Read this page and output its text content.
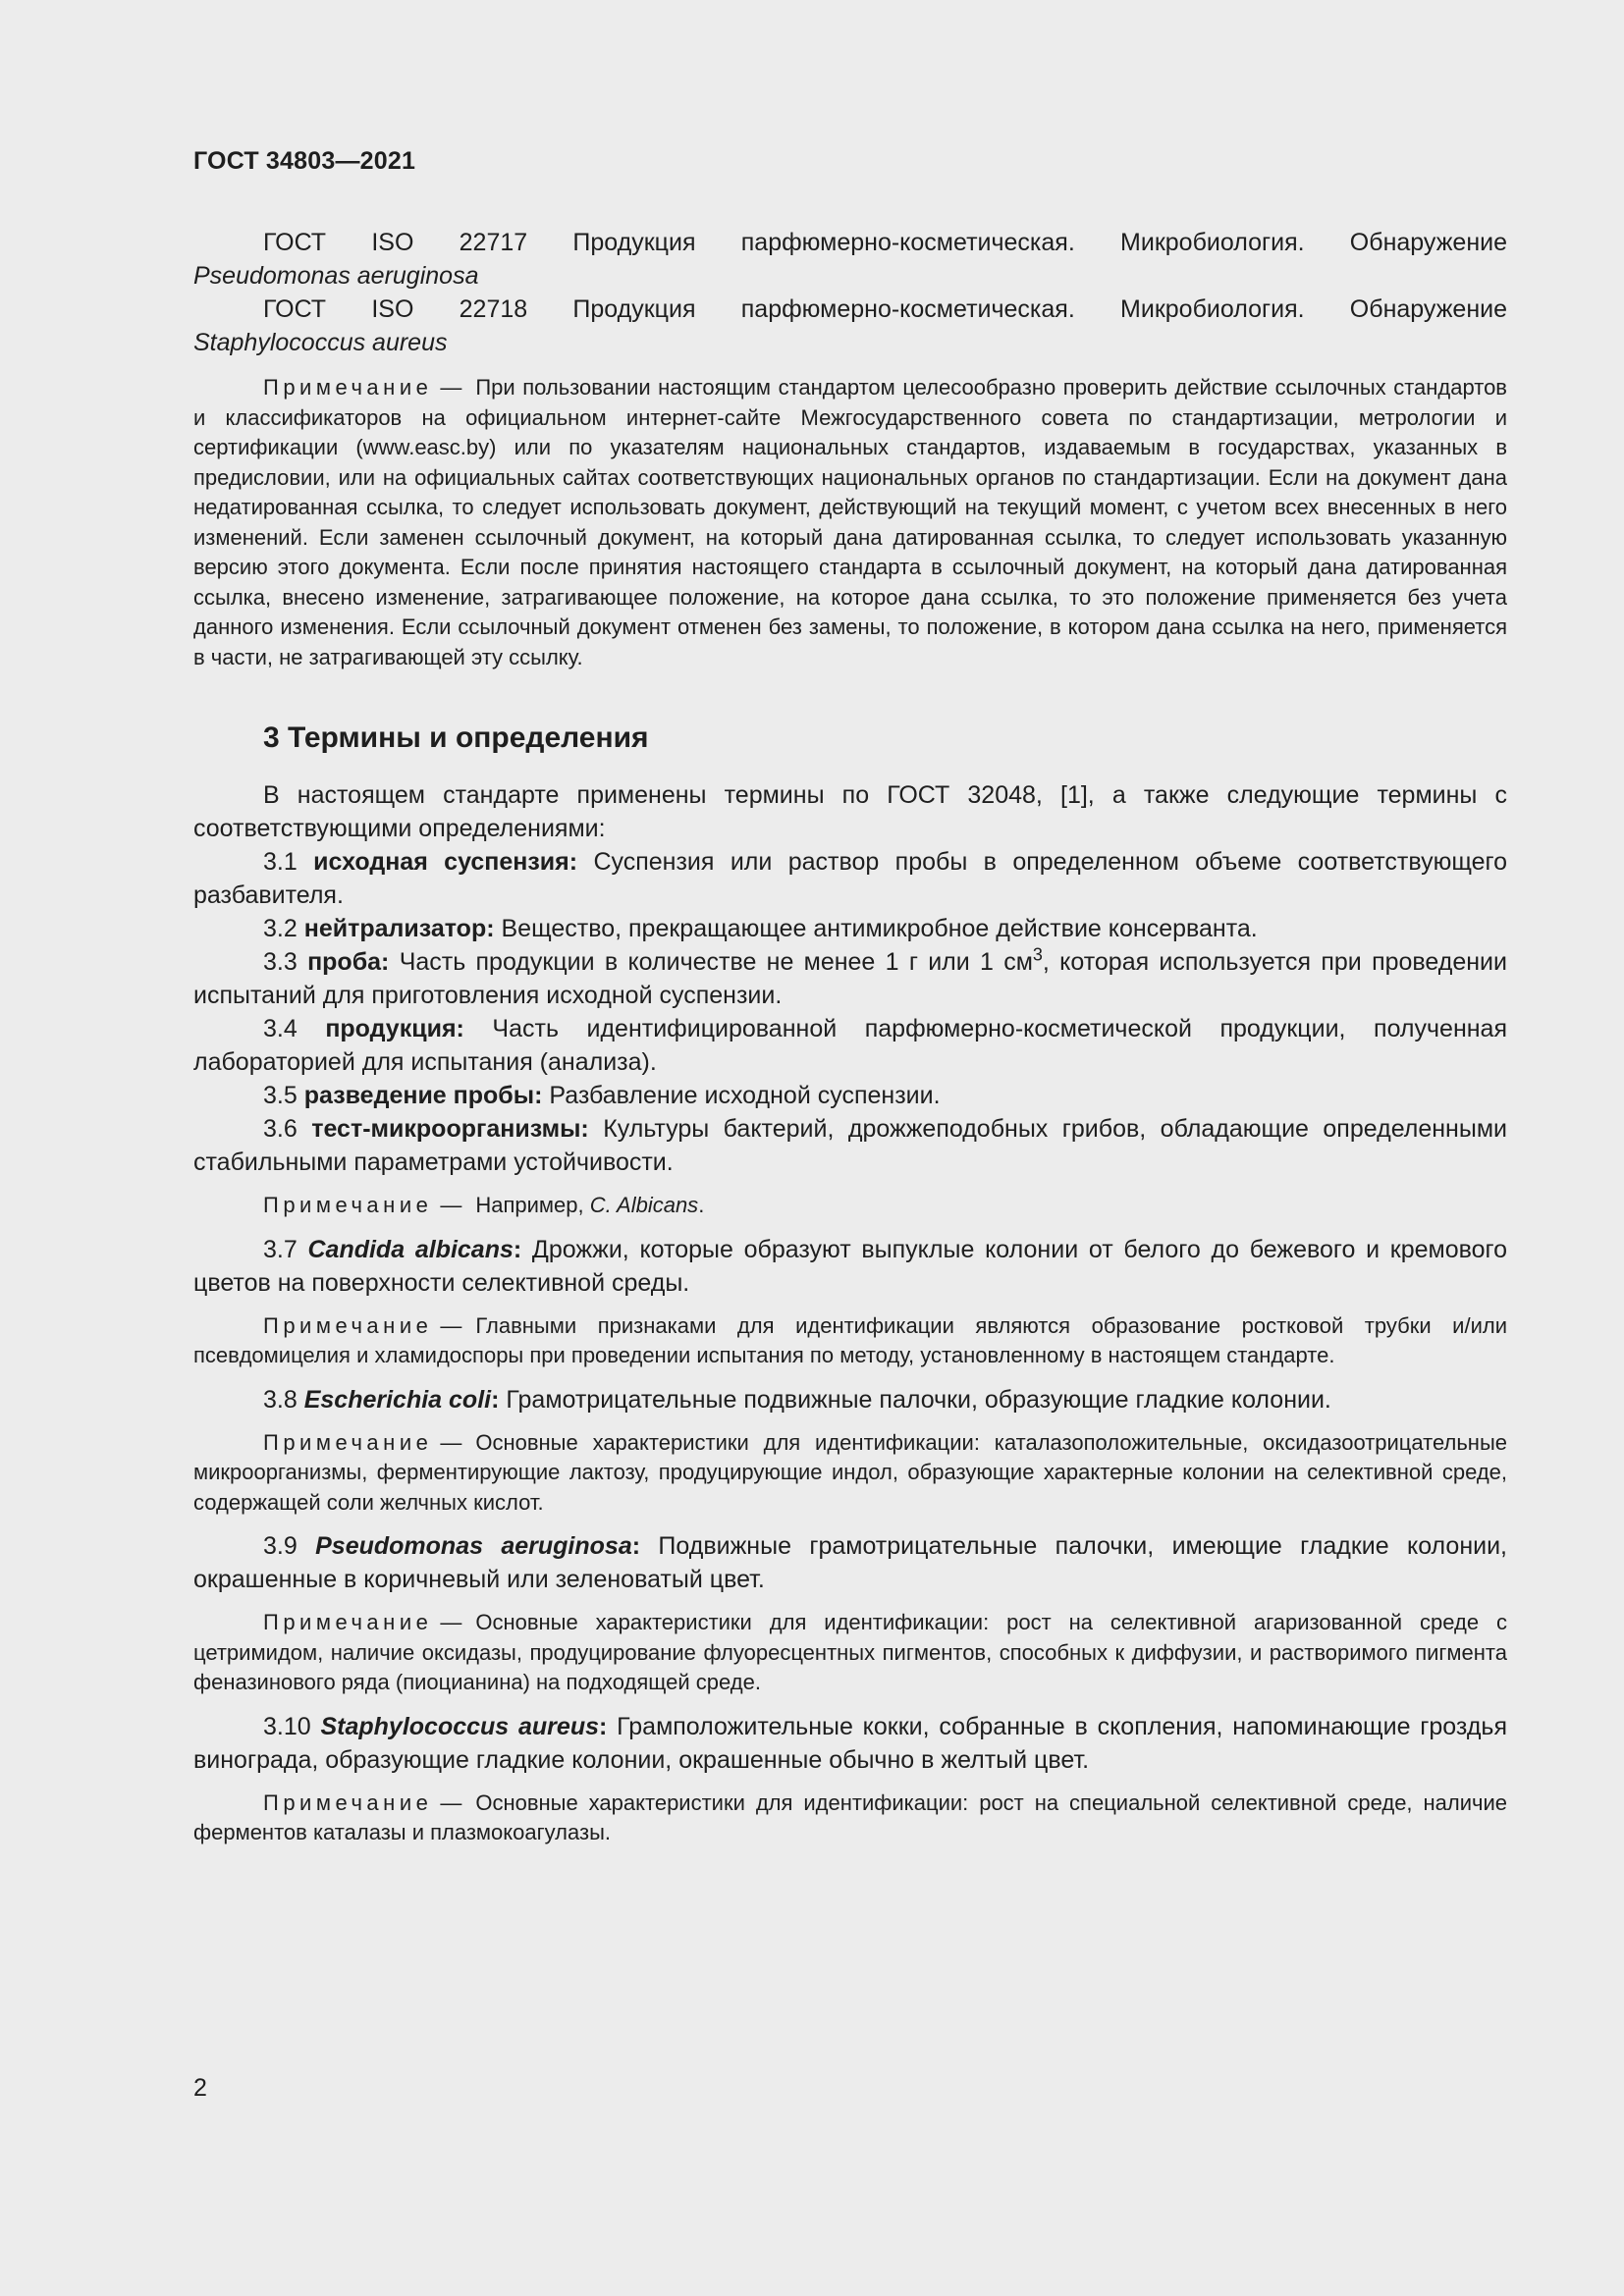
ГОСТ 34803—2021
ГОСТ ISO 22717 Продукция парфюмерно-косметическая. Микробиология. Обнаружение
Pseudomonas aeruginosa
ГОСТ ISO 22718 Продукция парфюмерно-косметическая. Микробиология. Обнаружение
Staphylococcus aureus
Примечание — При пользовании настоящим стандартом целесообразно проверить действие ссылочных стандартов и классификаторов на официальном интернет-сайте Межгосударственного совета по стандартизации, метрологии и сертификации (www.easc.by) или по указателям национальных стандартов, издаваемым в государствах, указанных в предисловии, или на официальных сайтах соответствующих национальных органов по стандартизации. Если на документ дана недатированная ссылка, то следует использовать документ, действующий на текущий момент, с учетом всех внесенных в него изменений. Если заменен ссылочный документ, на который дана датированная ссылка, то следует использовать указанную версию этого документа. Если после принятия настоящего стандарта в ссылочный документ, на который дана датированная ссылка, внесено изменение, затрагивающее положение, на которое дана ссылка, то это положение применяется без учета данного изменения. Если ссылочный документ отменен без замены, то положение, в котором дана ссылка на него, применяется в части, не затрагивающей эту ссылку.
3 Термины и определения
В настоящем стандарте применены термины по ГОСТ 32048, [1], а также следующие термины с соответствующими определениями:
3.1 исходная суспензия: Суспензия или раствор пробы в определенном объеме соответствующего разбавителя.
3.2 нейтрализатор: Вещество, прекращающее антимикробное действие консерванта.
3.3 проба: Часть продукции в количестве не менее 1 г или 1 $см^3$, которая используется при проведении испытаний для приготовления исходной суспензии.
3.4 продукция: Часть идентифицированной парфюмерно-косметической продукции, полученная лабораторией для испытания (анализа).
3.5 разведение пробы: Разбавление исходной суспензии.
3.6 тест-микроорганизмы: Культуры бактерий, дрожжеподобных грибов, обладающие определенными стабильными параметрами устойчивости.
Примечание — Например, C. Albicans.
3.7 Candida albicans: Дрожжи, которые образуют выпуклые колонии от белого до бежевого и кремового цветов на поверхности селективной среды.
Примечание — Главными признаками для идентификации являются образование ростковой трубки и/или псевдомицелия и хламидоспоры при проведении испытания по методу, установленному в настоящем стандарте.
3.8 Escherichia coli: Грамотрицательные подвижные палочки, образующие гладкие колонии.
Примечание — Основные характеристики для идентификации: каталазоположительные, оксидазоотрицательные микроорганизмы, ферментирующие лактозу, продуцирующие индол, образующие характерные колонии на селективной среде, содержащей соли желчных кислот.
3.9 Pseudomonas aeruginosa: Подвижные грамотрицательные палочки, имеющие гладкие колонии, окрашенные в коричневый или зеленоватый цвет.
Примечание — Основные характеристики для идентификации: рост на селективной агаризованной среде с цетримидом, наличие оксидазы, продуцирование флуоресцентных пигментов, способных к диффузии, и растворимого пигмента феназинового ряда (пиоцианина) на подходящей среде.
3.10 Staphylococcus aureus: Грамположительные кокки, собранные в скопления, напоминающие гроздья винограда, образующие гладкие колонии, окрашенные обычно в желтый цвет.
Примечание — Основные характеристики для идентификации: рост на специальной селективной среде, наличие ферментов каталазы и плазмокоагулазы.
2
